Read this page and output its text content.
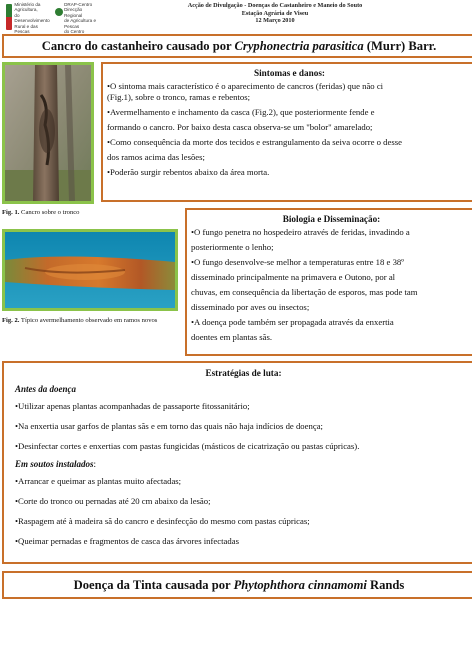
Ministério da
Agricultura,
do Desenvolvimento
Rural e das Pescas
DRAP-Centro
Direcção Regional
de Agricultura e Pescas
do Centro
Acção de Divulgação - Doenças do Castanheiro e Maneio do Souto
Estação Agrária de Viseu
12 Março 2010
Cancro do castanheiro causado por Cryphonectria parasitica (Murr) Barr.
Fig. 1. Cancro sobre o tronco
Fig. 2. Típico avermelhamento observado em ramos novos
Sintomas e danos:

•O sintoma mais característico é o aparecimento de cancros (feridas) que não ci

(Fig.1), sobre o tronco, ramas e rebentos;

•Avermelhamento e inchamento da casca (Fig.2), que posteriormente fende e

formando o cancro. Por baixo desta casca observa-se um "bolor" amarelado;

•Como consequência da morte dos tecidos e estrangulamento da seiva ocorre o desse

dos ramos acima das lesões;

•Poderão surgir rebentos abaixo da área morta.

Biologia e Disseminação:

•O fungo penetra no hospedeiro através de feridas, invadindo a

posteriormente o lenho;

•O fungo desenvolve-se melhor a temperaturas entre 18 e 38º

disseminado principalmente na primavera e Outono, por al

chuvas, em consequência da libertação de esporos, mas pode tam

disseminado por aves ou insectos;

•A doença pode também ser propagada através da enxertia

doentes em plantas sãs.

Estratégias de luta:

Antes da doença

•Utilizar apenas plantas acompanhadas de passaporte fitossanitário;

•Na enxertia usar garfos de plantas sãs e em torno das quais não haja indícios de doença;

•Desinfectar cortes e enxertias com pastas fungicidas (másticos de cicatrização ou pastas cúpricas).

Em soutos instalados:

•Arrancar e queimar as plantas muito afectadas;

•Corte do tronco ou pernadas até 20 cm abaixo da lesão;

•Raspagem até à madeira sã do cancro e desinfecção do mesmo com pastas cúpricas;

•Queimar pernadas e fragmentos de casca das árvores infectadas

Doença da Tinta causada por Phytophthora cinnamomi Rands
